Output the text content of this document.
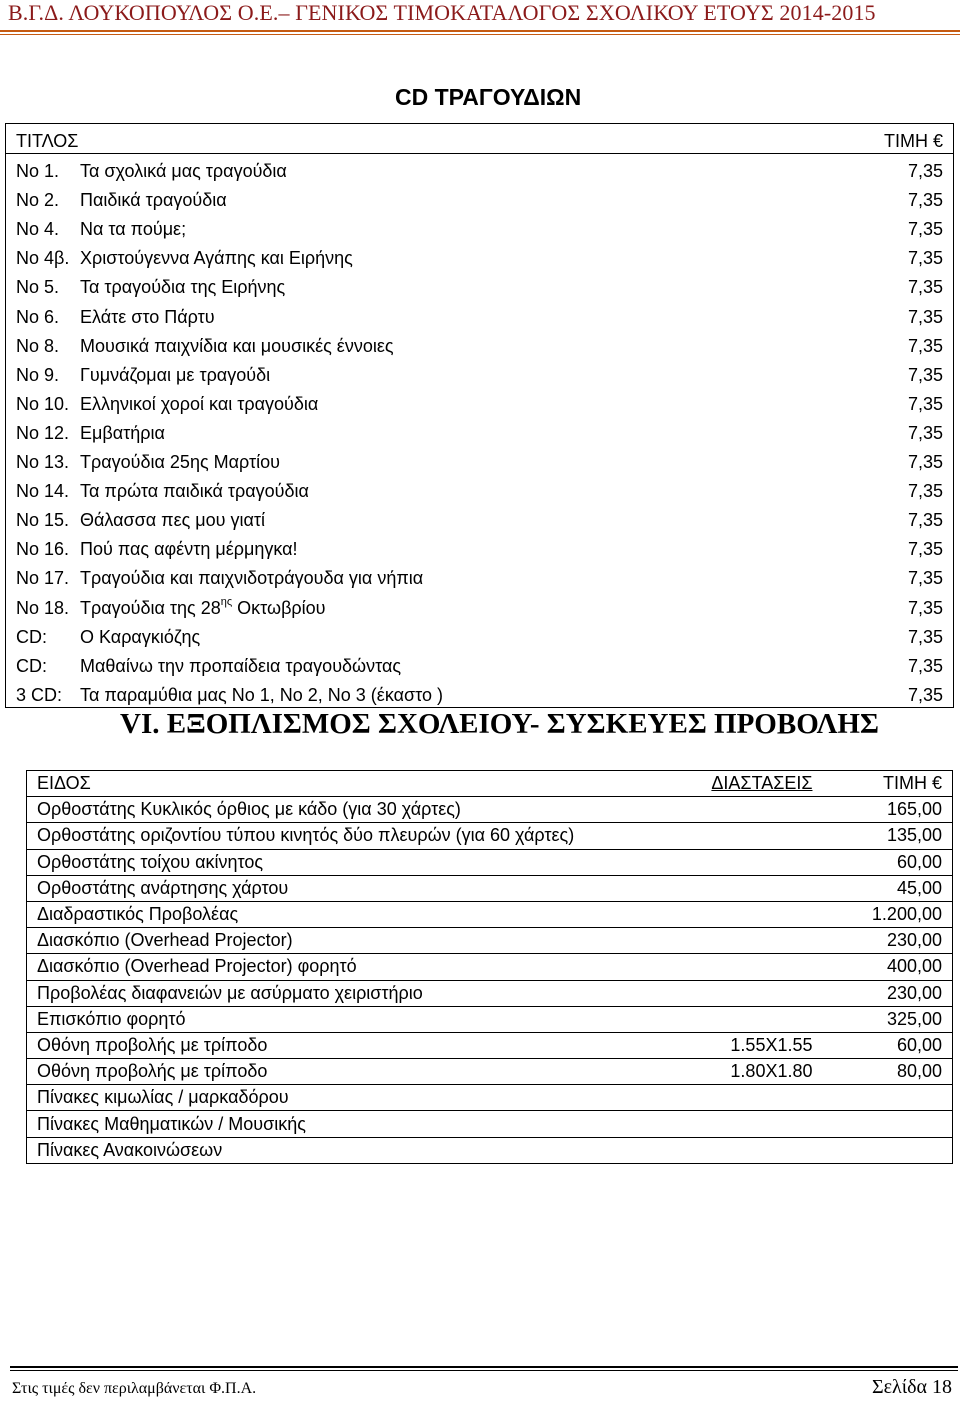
Β.Γ.Δ. ΛΟΥΚΟΠΟΥΛΟΣ Ο.Ε.– ΓΕΝΙΚΟΣ ΤΙΜΟΚΑΤΑΛΟΓΟΣ ΣΧΟΛΙΚΟΥ ΕΤΟΥΣ 2014-2015
CD ΤΡΑΓΟΥΔΙΩΝ
ΤΙΤΛΟΣ	ΤΙΜΗ €
Νο 1. Τα σχολικά μας τραγούδια	7,35
Νο 2. Παιδικά τραγούδια	7,35
Νο 4. Να τα πούμε;	7,35
Νο 4β. Χριστούγεννα Αγάπης και Ειρήνης	7,35
Νο 5. Τα τραγούδια της Ειρήνης	7,35
Νο 6. Ελάτε στο Πάρτυ	7,35
Νο 8. Μουσικά παιχνίδια και μουσικές έννοιες	7,35
Νο 9. Γυμνάζομαι με τραγούδι	7,35
Νο 10. Ελληνικοί χοροί και τραγούδια	7,35
Νο 12. Εμβατήρια	7,35
Νο 13. Τραγούδια 25ης Μαρτίου	7,35
Νο 14. Τα πρώτα παιδικά τραγούδια	7,35
Νο 15. Θάλασσα πες μου γιατί	7,35
Νο 16. Πού πας αφέντη μέρμηγκα!	7,35
Νο 17. Τραγούδια και παιχνιδοτράγουδα για νήπια	7,35
Νο 18. Τραγούδια της $28^{\eta\varsigma}$ Οκτωβρίου	7,35
CD: Ο Καραγκιόζης	7,35
CD: Μαθαίνω την προπαίδεια τραγουδώντας	7,35
3 CD: Τα παραμύθια μας Νο 1, Νο 2, Νο 3 (έκαστο )	7,35
VI. ΕΞΟΠΛΙΣΜΟΣ ΣΧΟΛΕΙΟΥ- ΣΥΣΚΕΥΕΣ ΠΡΟΒΟΛΗΣ
ΕΙΔΟΣ	ΔΙΑΣΤΑΣΕΙΣ	ΤΙΜΗ €
Ορθοστάτης Κυκλικός όρθιος με κάδο (για 30 χάρτες)		165,00
Ορθοστάτης οριζοντίου τύπου κινητός δύο πλευρών (για 60 χάρτες)		135,00
Ορθοστάτης τοίχου ακίνητος		60,00
Ορθοστάτης ανάρτησης χάρτου		45,00
Διαδραστικός Προβολέας		1.200,00
Διασκόπιο (Overhead Projector)		230,00
Διασκόπιο (Overhead Projector) φορητό		400,00
Προβολέας διαφανειών με ασύρματο χειριστήριο		230,00
Επισκόπιο φορητό		325,00
Οθόνη προβολής με τρίποδο	1.55Χ1.55	60,00
Οθόνη προβολής με τρίποδο	1.80Χ1.80	80,00
Πίνακες κιμωλίας / μαρκαδόρου		
Πίνακες Μαθηματικών / Μουσικής		
Πίνακες Ανακοινώσεων		
Στις τιμές δεν περιλαμβάνεται Φ.Π.Α.	Σελίδα 18
